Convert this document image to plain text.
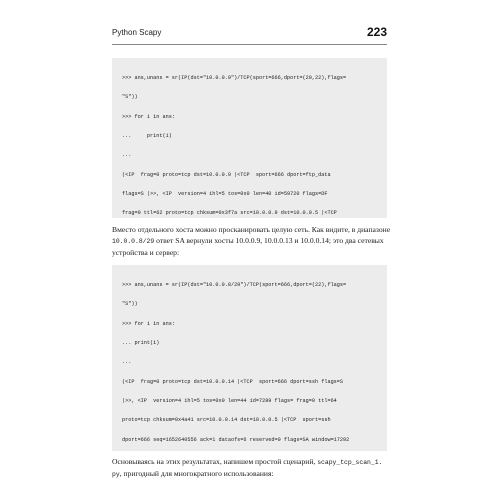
Python Scapy	223

>>> ans,unans = sr(IP(dst="10.0.0.9")/TCP(sport=666,dport=(20,22),flags=

"S"))

>>> for i in ans:

...     print(i)

...

(<IP  frag=0 proto=tcp dst=10.0.0.9 |<TCP  sport=666 dport=ftp_data

flags=S |>>, <IP  version=4 ihl=5 tos=0x0 len=40 id=59720 flags=DF

frag=0 ttl=62 proto=tcp chksum=0x3f7a src=10.0.0.9 dst=10.0.0.5 |<TCP

Вместо отдельного хоста можно просканировать целую сеть. Как видите, в диапазоне 10.0.0.8/29 ответ SA вернули хосты 10.0.0.9, 10.0.0.13 и 10.0.0.14; это два сетевых устройства и сервер:

>>> ans,unans = sr(IP(dst="10.0.0.8/29")/TCP(sport=666,dport=(22),flags=

"S"))

>>> for i in ans:

... print(i)

...

(<IP  frag=0 proto=tcp dst=10.0.0.14 |<TCP  sport=666 dport=ssh flags=S

|>>, <IP  version=4 ihl=5 tos=0x0 len=44 id=7289 flags= frag=0 ttl=64

proto=tcp chksum=0x4a41 src=10.0.0.14 dst=10.0.0.5 |<TCP  sport=ssh

dport=666 seq=1652640556 ack=1 dataofs=6 reserved=0 flags=SA window=17292

Основываясь на этих результатах, напишем простой сценарий, scapy_tcp_scan_1.
py, пригодный для многократного использования:
